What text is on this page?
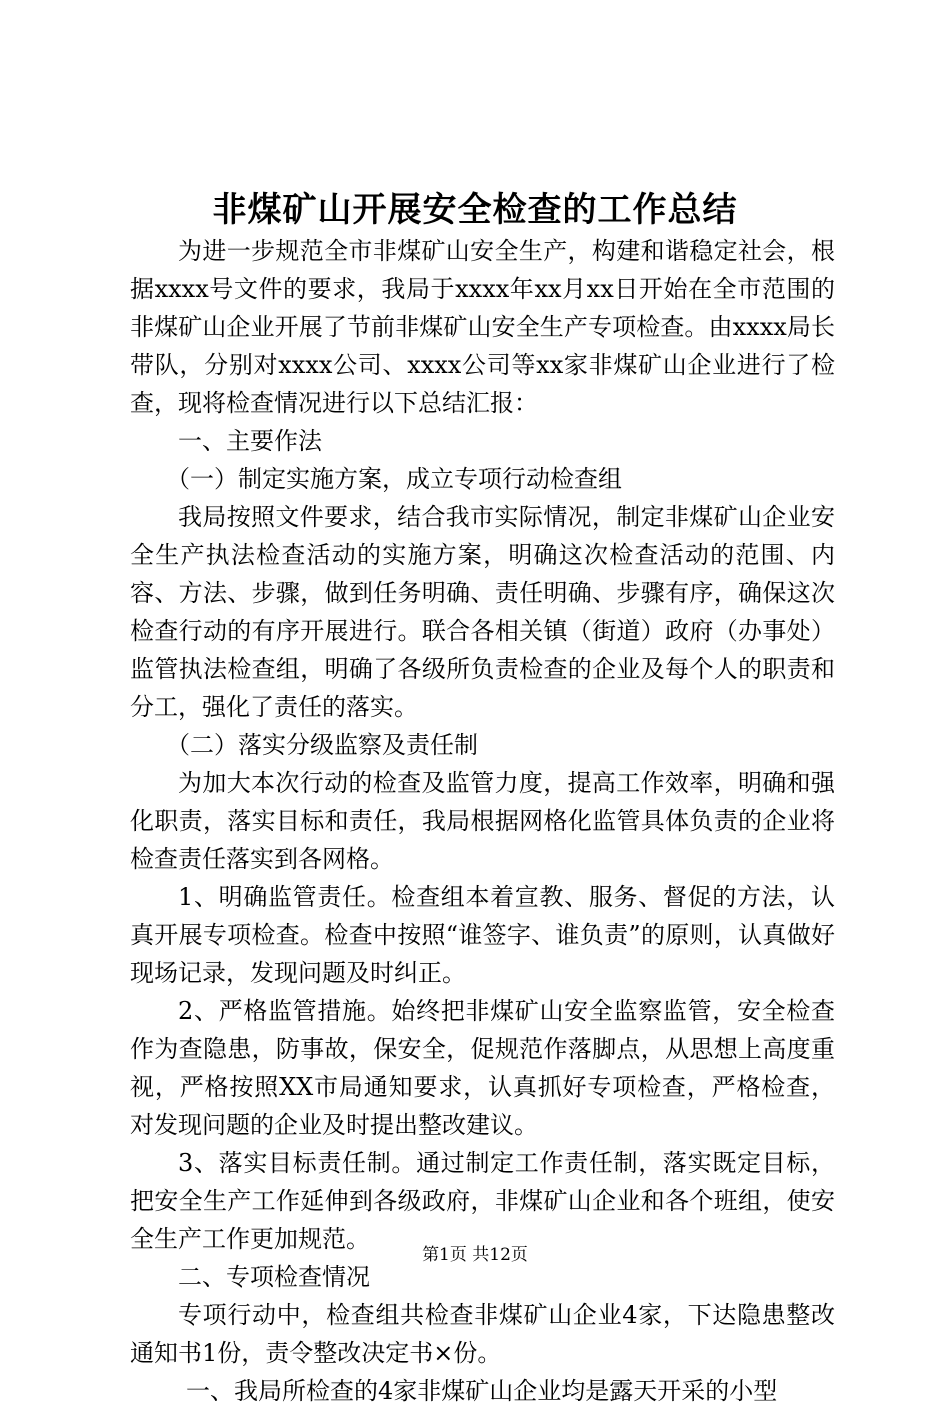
非煤矿山开展安全检查的工作总结

为进一步规范全市非煤矿山安全生产，构建和谐稳定社会，根据xxxx号文件的要求，我局于xxxx年xx月xx日开始在全市范围的非煤矿山企业开展了节前非煤矿山安全生产专项检查。由xxxx局长带队，分别对xxxx公司、xxxx公司等xx家非煤矿山企业进行了检查，现将检查情况进行以下总结汇报：

一、主要作法

（一）制定实施方案，成立专项行动检查组

我局按照文件要求，结合我市实际情况，制定非煤矿山企业安全生产执法检查活动的实施方案，明确这次检查活动的范围、内容、方法、步骤，做到任务明确、责任明确、步骤有序，确保这次检查行动的有序开展进行。联合各相关镇（街道）政府（办事处）监管执法检查组，明确了各级所负责检查的企业及每个人的职责和分工，强化了责任的落实。

（二）落实分级监察及责任制

为加大本次行动的检查及监管力度，提高工作效率，明确和强化职责，落实目标和责任，我局根据网格化监管具体负责的企业将检查责任落实到各网格。

1、明确监管责任。检查组本着宣教、服务、督促的方法，认真开展专项检查。检查中按照“谁签字、谁负责”的原则，认真做好现场记录，发现问题及时纠正。

2、严格监管措施。始终把非煤矿山安全监察监管，安全检查作为查隐患，防事故，保安全，促规范作落脚点，从思想上高度重视，严格按照XX市局通知要求，认真抓好专项检查，严格检查，对发现问题的企业及时提出整改建议。

3、落实目标责任制。通过制定工作责任制，落实既定目标，把安全生产工作延伸到各级政府，非煤矿山企业和各个班组，使安全生产工作更加规范。

二、专项检查情况

专项行动中，检查组共检查非煤矿山企业4家，下达隐患整改通知书1份，责令整改决定书×份。

一、我局所检查的4家非煤矿山企业均是露天开采的小型

第1页 共12页
